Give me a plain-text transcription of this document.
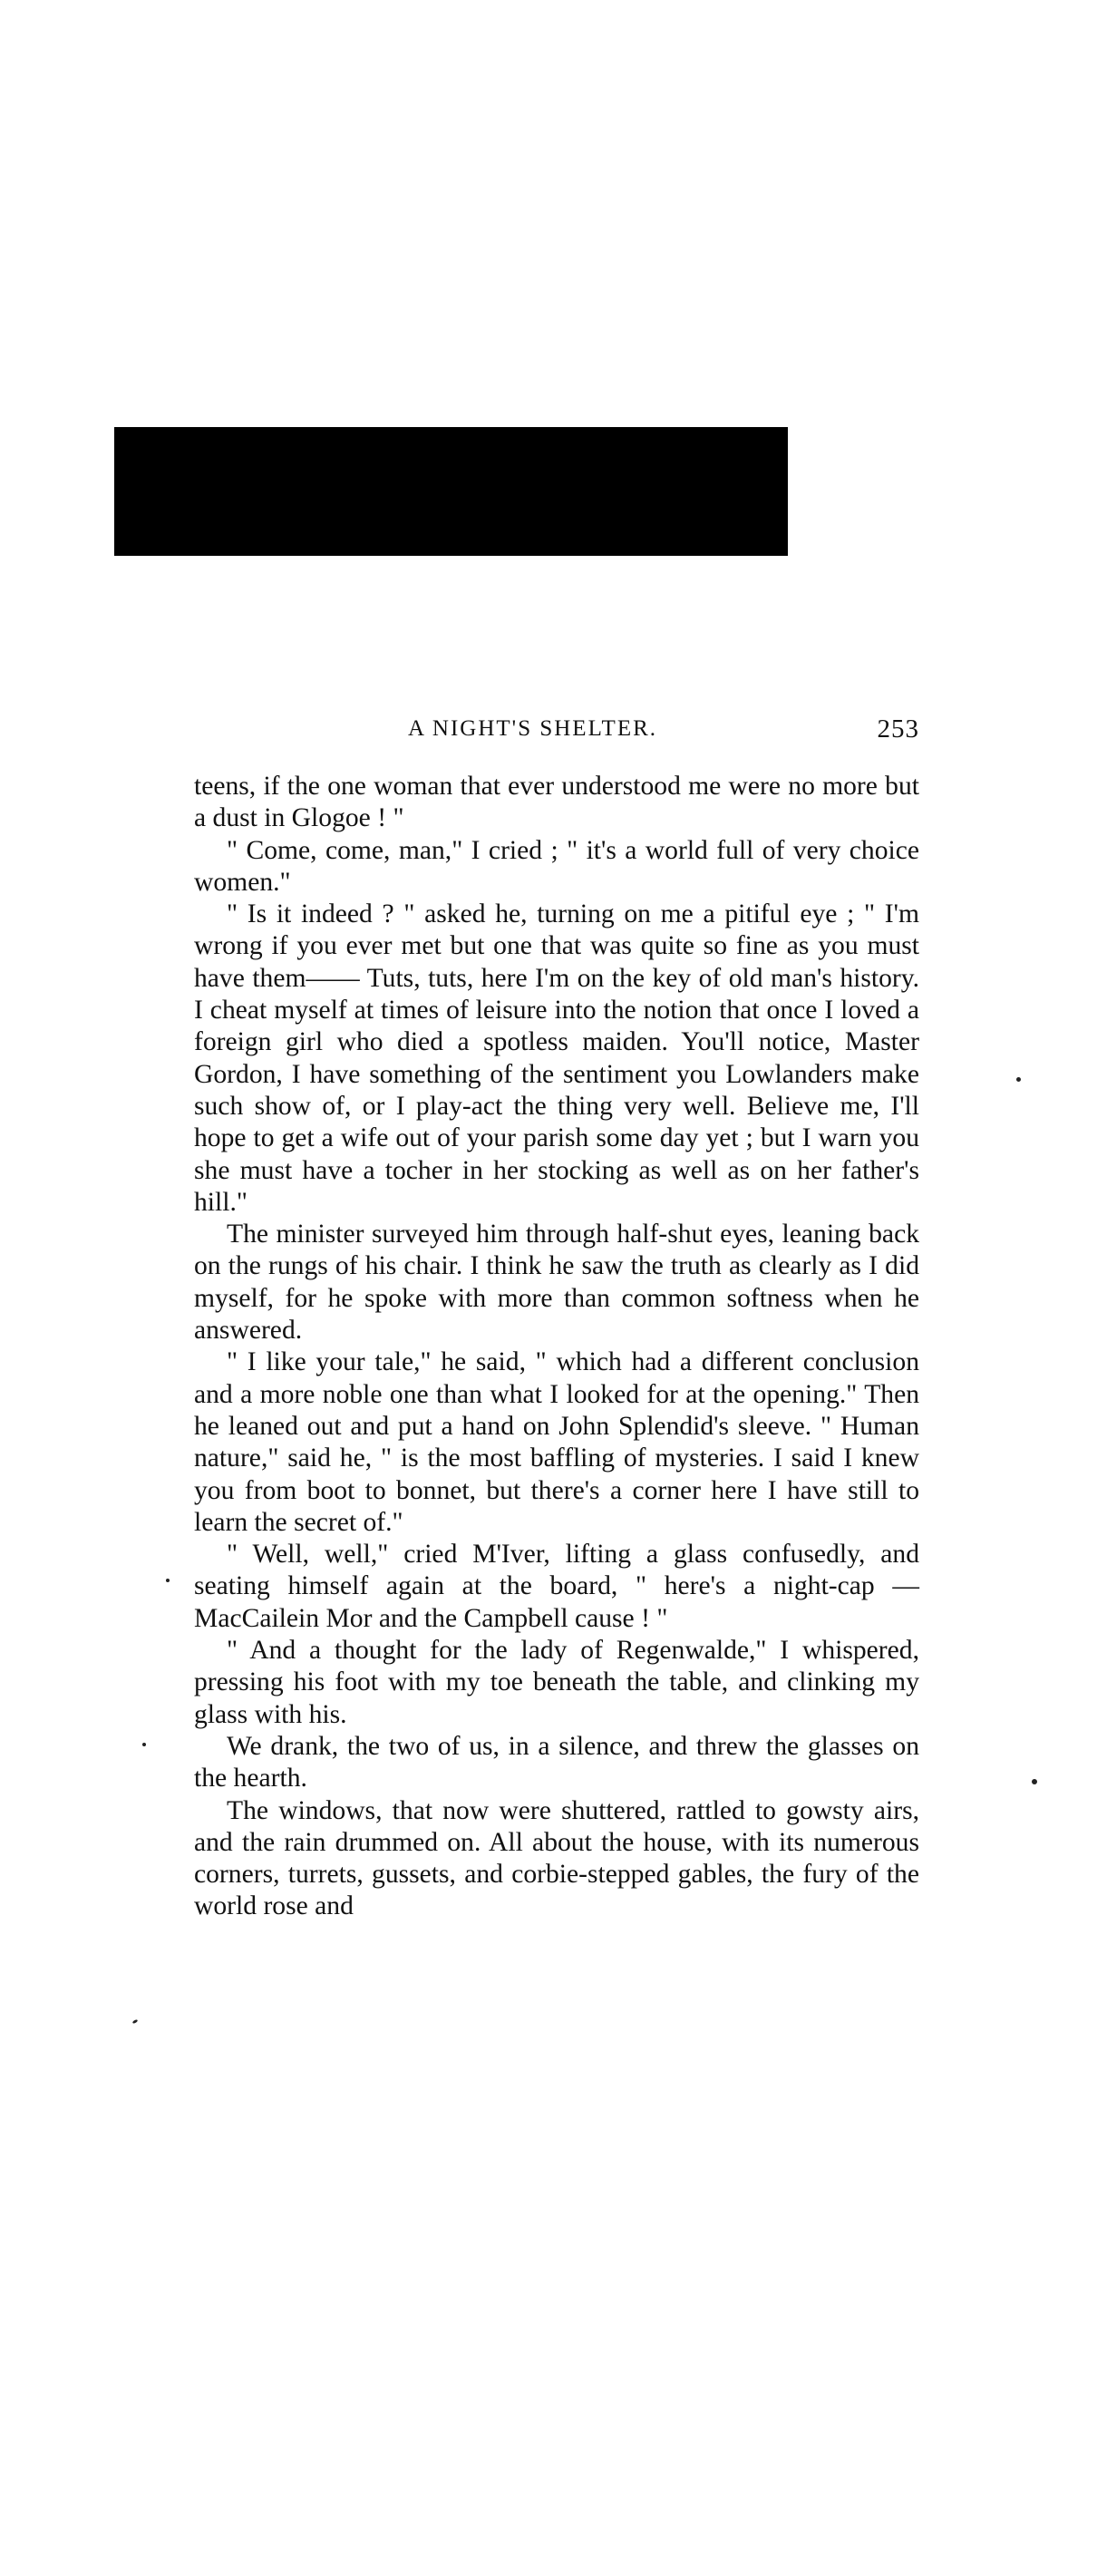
A NIGHT'S SHELTER.	253

teens, if the one woman that ever understood me were no more but a dust in Glogoe ! "

" Come, come, man," I cried ; " it's a world full of very choice women."

" Is it indeed ? " asked he, turning on me a pitiful eye ; " I'm wrong if you ever met but one that was quite so fine as you must have them—— Tuts, tuts, here I'm on the key of old man's history. I cheat myself at times of leisure into the notion that once I loved a foreign girl who died a spotless maiden. You'll notice, Master Gordon, I have something of the sentiment you Lowlanders make such show of, or I play-act the thing very well. Believe me, I'll hope to get a wife out of your parish some day yet ; but I warn you she must have a tocher in her stocking as well as on her father's hill."

The minister surveyed him through half-shut eyes, leaning back on the rungs of his chair. I think he saw the truth as clearly as I did myself, for he spoke with more than common softness when he answered.

" I like your tale," he said, " which had a different conclusion and a more noble one than what I looked for at the opening." Then he leaned out and put a hand on John Splendid's sleeve. " Human nature," said he, " is the most baffling of mysteries. I said I knew you from boot to bonnet, but there's a corner here I have still to learn the secret of."

" Well, well," cried M'Iver, lifting a glass confusedly, and seating himself again at the board, " here's a night-cap —MacCailein Mor and the Campbell cause ! "

" And a thought for the lady of Regenwalde," I whispered, pressing his foot with my toe beneath the table, and clinking my glass with his.

We drank, the two of us, in a silence, and threw the glasses on the hearth.

The windows, that now were shuttered, rattled to gowsty airs, and the rain drummed on. All about the house, with its numerous corners, turrets, gussets, and corbie-stepped gables, the fury of the world rose and
